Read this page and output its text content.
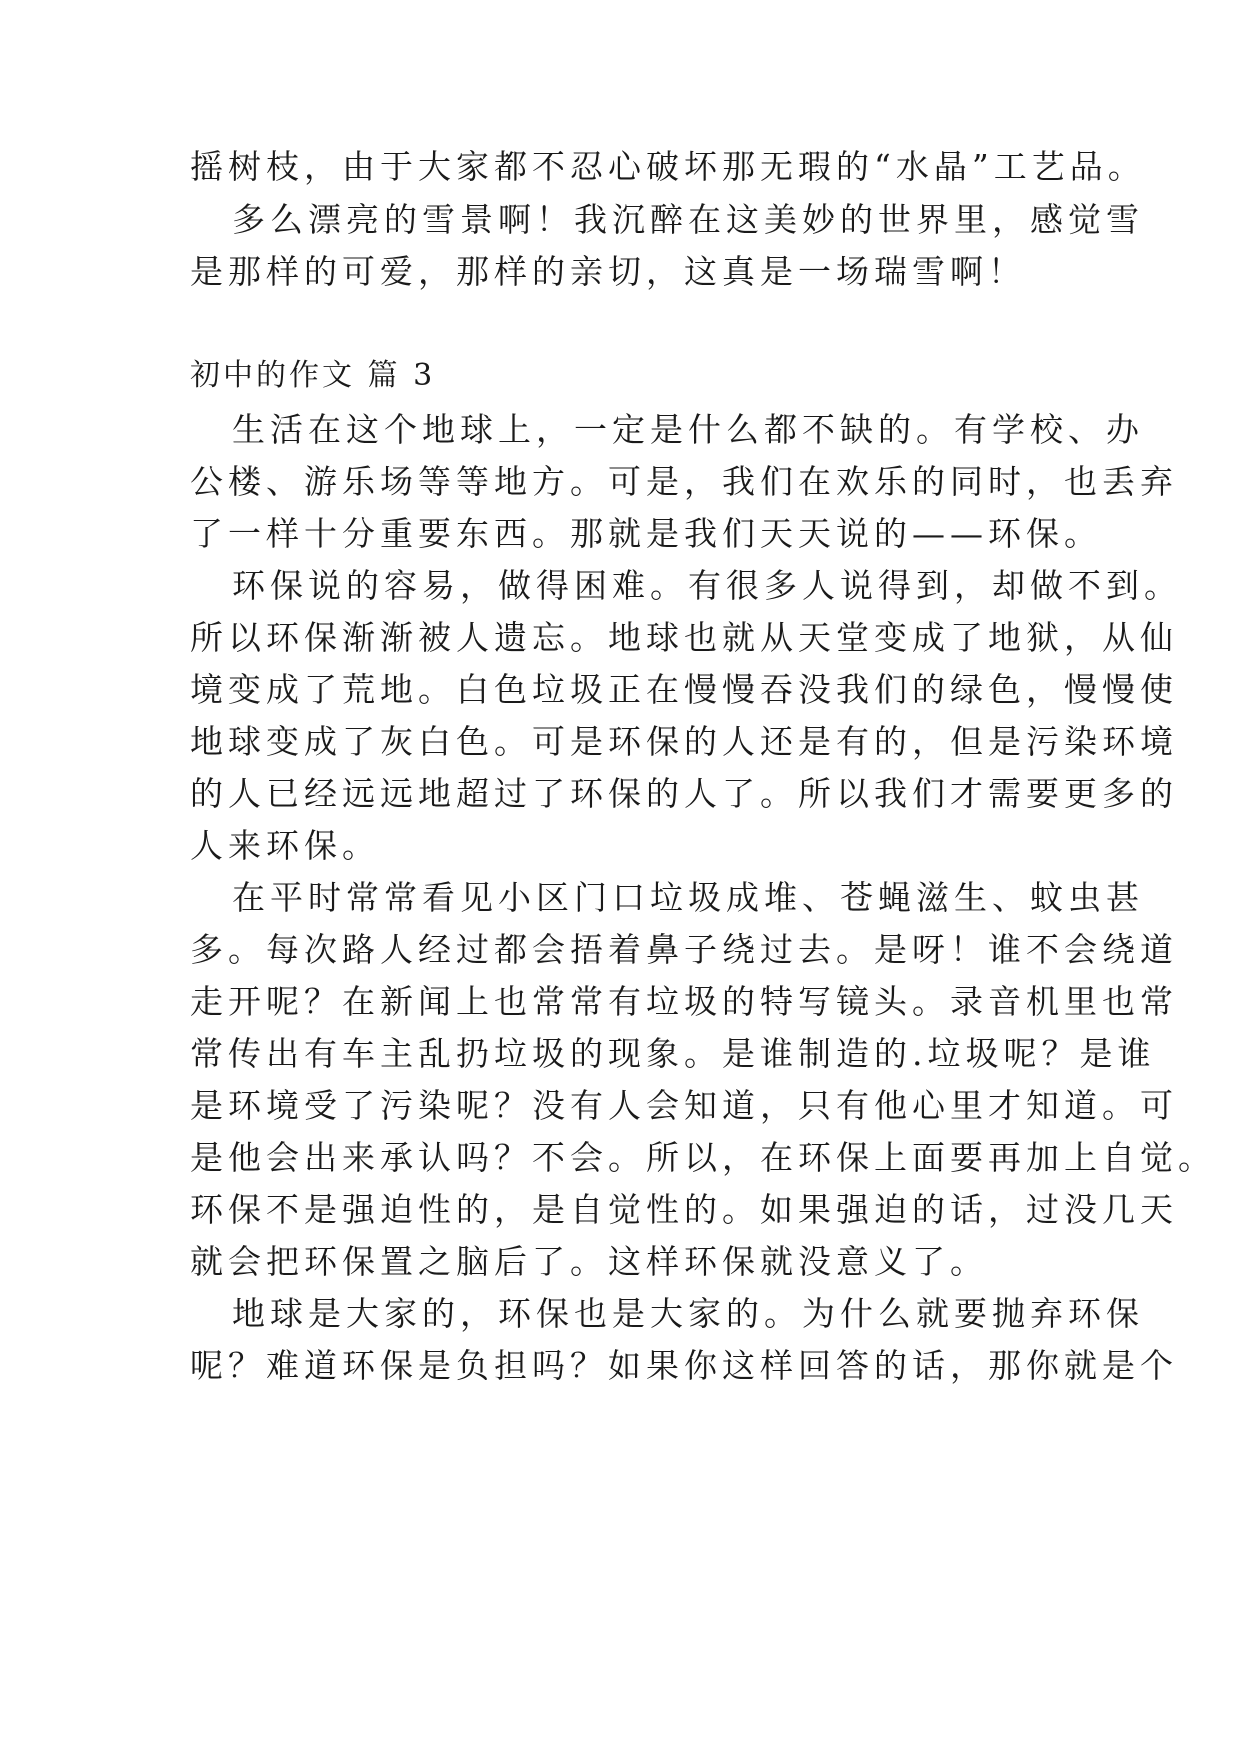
摇树枝，由于大家都不忍心破坏那无瑕的“水晶”工艺品。
多么漂亮的雪景啊！我沉醉在这美妙的世界里，感觉雪
是那样的可爱，那样的亲切，这真是一场瑞雪啊！
初中的作文 篇 3
生活在这个地球上，一定是什么都不缺的。有学校、办
公楼、游乐场等等地方。可是，我们在欢乐的同时，也丢弃
了一样十分重要东西。那就是我们天天说的——环保。
环保说的容易，做得困难。有很多人说得到，却做不到。
所以环保渐渐被人遗忘。地球也就从天堂变成了地狱，从仙
境变成了荒地。白色垃圾正在慢慢吞没我们的绿色，慢慢使
地球变成了灰白色。可是环保的人还是有的，但是污染环境
的人已经远远地超过了环保的人了。所以我们才需要更多的
人来环保。
在平时常常看见小区门口垃圾成堆、苍蝇滋生、蚊虫甚
多。每次路人经过都会捂着鼻子绕过去。是呀！谁不会绕道
走开呢？在新闻上也常常有垃圾的特写镜头。录音机里也常
常传出有车主乱扔垃圾的现象。是谁制造的.垃圾呢？是谁
是环境受了污染呢？没有人会知道，只有他心里才知道。可
是他会出来承认吗？不会。所以，在环保上面要再加上自觉。
环保不是强迫性的，是自觉性的。如果强迫的话，过没几天
就会把环保置之脑后了。这样环保就没意义了。
地球是大家的，环保也是大家的。为什么就要抛弃环保
呢？难道环保是负担吗？如果你这样回答的话，那你就是个
